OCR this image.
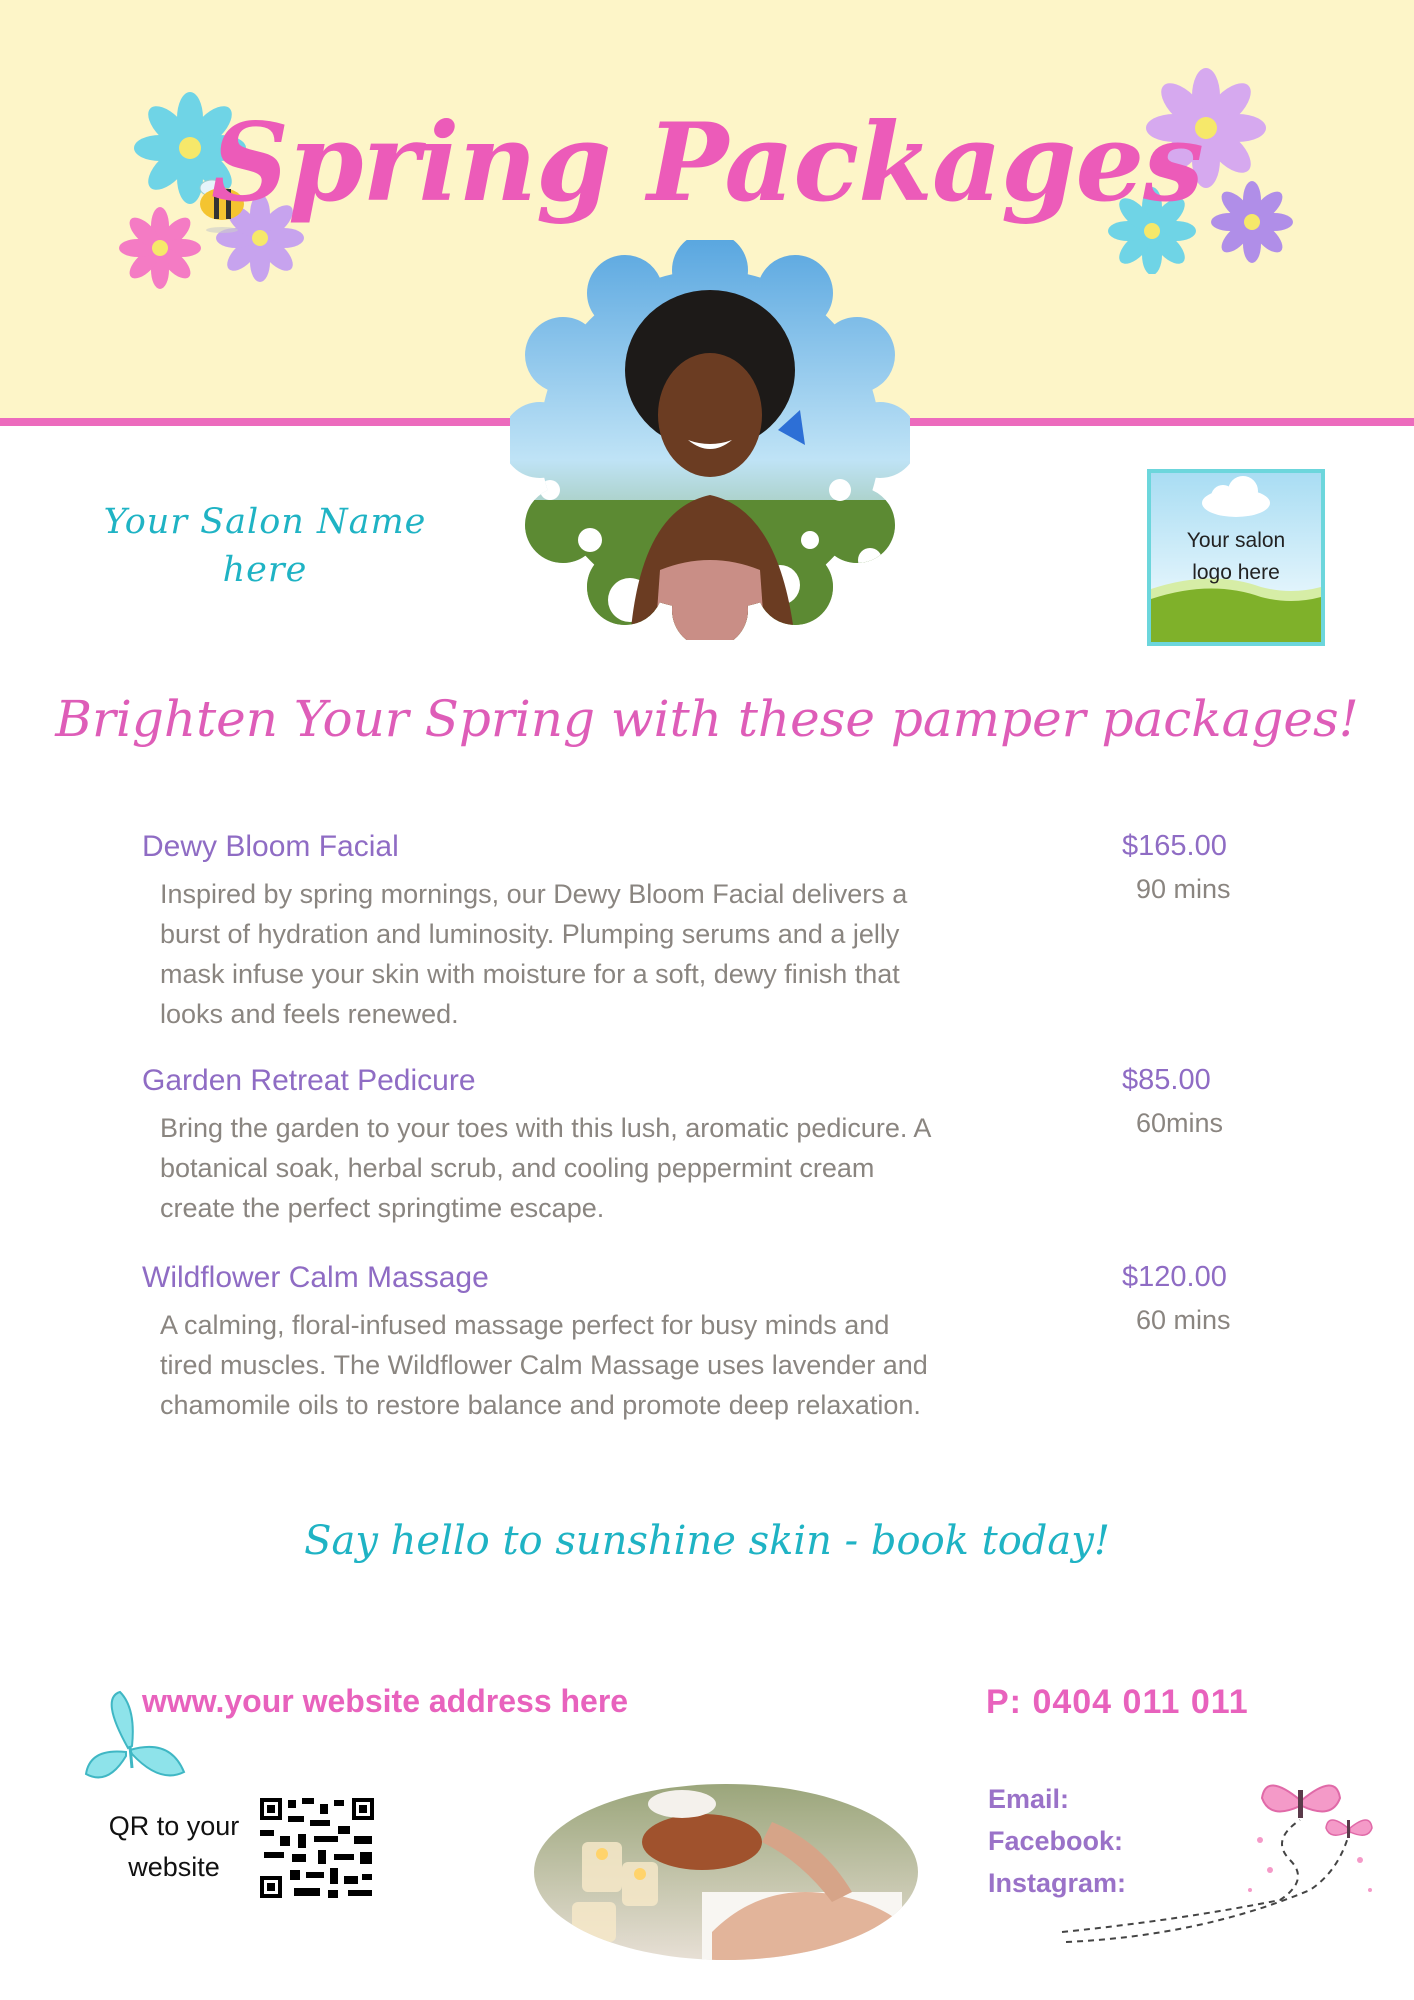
Spring Packages
Your Salon Name
here
Your salon
logo here
Brighten Your Spring with these pamper packages!
Dewy Bloom Facial
Inspired by spring mornings, our Dewy Bloom Facial delivers a burst of hydration and luminosity. Plumping serums and a jelly mask infuse your skin with moisture for a soft, dewy finish that looks and feels renewed.
$165.00
90 mins
Garden Retreat Pedicure
Bring the garden to your toes with this lush, aromatic pedicure. A botanical soak, herbal scrub, and cooling peppermint cream create the perfect springtime escape.
$85.00
60mins
Wildflower Calm Massage
A calming, floral-infused massage perfect for busy minds and tired muscles. The Wildflower Calm Massage uses lavender and chamomile oils to restore balance and promote deep relaxation.
$120.00
60 mins
Say hello to sunshine skin - book today!
www.your website address here	P: 0404 011 011
QR to your
website
Email:
Facebook:
Instagram:
